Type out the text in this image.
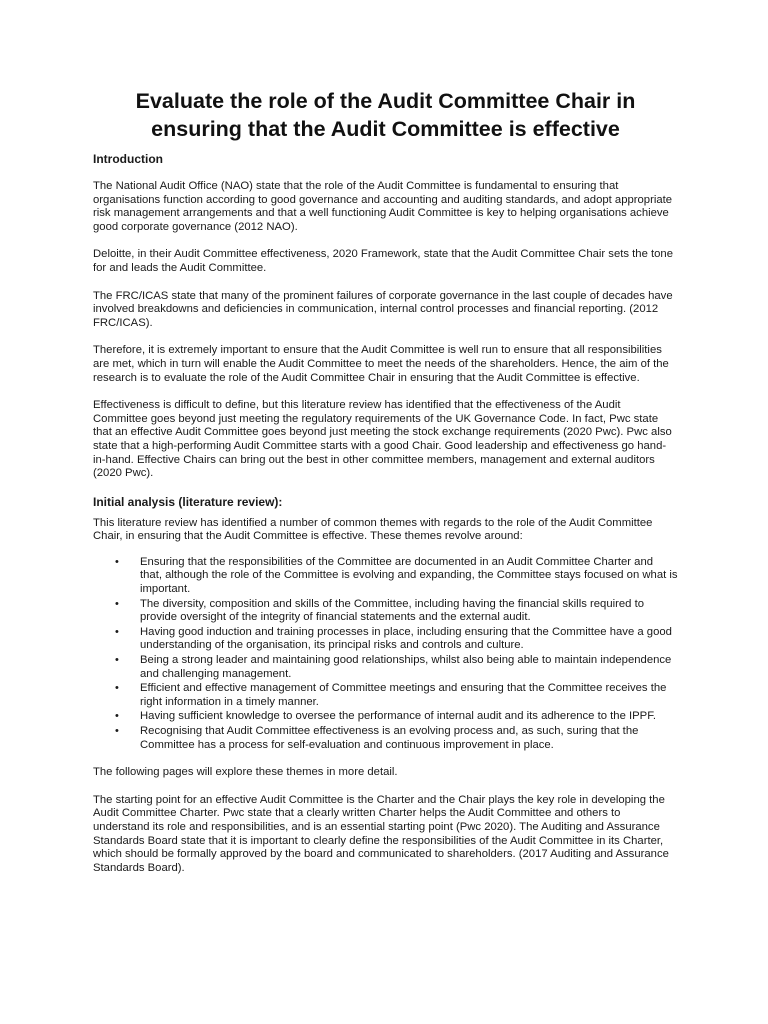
Evaluate the role of the Audit Committee Chair in ensuring that the Audit Committee is effective
Introduction

The National Audit Office (NAO) state that the role of the Audit Committee is fundamental to ensuring that organisations function according to good governance and accounting and auditing standards, and adopt appropriate risk management arrangements and that a well functioning Audit Committee is key to helping organisations achieve good corporate governance (2012 NAO).

Deloitte, in their Audit Committee effectiveness, 2020 Framework, state that the Audit Committee Chair sets the tone for and leads the Audit Committee.

The FRC/ICAS state that many of the prominent failures of corporate governance in the last couple of decades have involved breakdowns and deficiencies in communication, internal control processes and financial reporting. (2012 FRC/ICAS).

Therefore, it is extremely important to ensure that the Audit Committee is well run to ensure that all responsibilities are met, which in turn will enable the Audit Committee to meet the needs of the shareholders. Hence, the aim of the research is to evaluate the role of the Audit Committee Chair in ensuring that the Audit Committee is effective.

Effectiveness is difficult to define, but this literature review has identified that the effectiveness of the Audit Committee goes beyond just meeting the regulatory requirements of the UK Governance Code. In fact, Pwc state that an effective Audit Committee goes beyond just meeting the stock exchange requirements (2020 Pwc). Pwc also state that a high-performing Audit Committee starts with a good Chair. Good leadership and effectiveness go hand-in-hand. Effective Chairs can bring out the best in other committee members, management and external auditors (2020 Pwc).

Initial analysis (literature review):

This literature review has identified a number of common themes with regards to the role of the Audit Committee Chair, in ensuring that the Audit Committee is effective. These themes revolve around:

• Ensuring that the responsibilities of the Committee are documented in an Audit Committee Charter and that, although the role of the Committee is evolving and expanding, the Committee stays focused on what is important.
• The diversity, composition and skills of the Committee, including having the financial skills required to provide oversight of the integrity of financial statements and the external audit.
• Having good induction and training processes in place, including ensuring that the Committee have a good understanding of the organisation, its principal risks and controls and culture.
• Being a strong leader and maintaining good relationships, whilst also being able to maintain independence and challenging management.
• Efficient and effective management of Committee meetings and ensuring that the Committee receives the right information in a timely manner.
• Having sufficient knowledge to oversee the performance of internal audit and its adherence to the IPPF.
• Recognising that Audit Committee effectiveness is an evolving process and, as such, suring that the Committee has a process for self-evaluation and continuous improvement in place.

The following pages will explore these themes in more detail.

The starting point for an effective Audit Committee is the Charter and the Chair plays the key role in developing the Audit Committee Charter. Pwc state that a clearly written Charter helps the Audit Committee and others to understand its role and responsibilities, and is an essential starting point (Pwc 2020). The Auditing and Assurance Standards Board state that it is important to clearly define the responsibilities of the Audit Committee in its Charter, which should be formally approved by the board and communicated to shareholders. (2017 Auditing and Assurance Standards Board).
